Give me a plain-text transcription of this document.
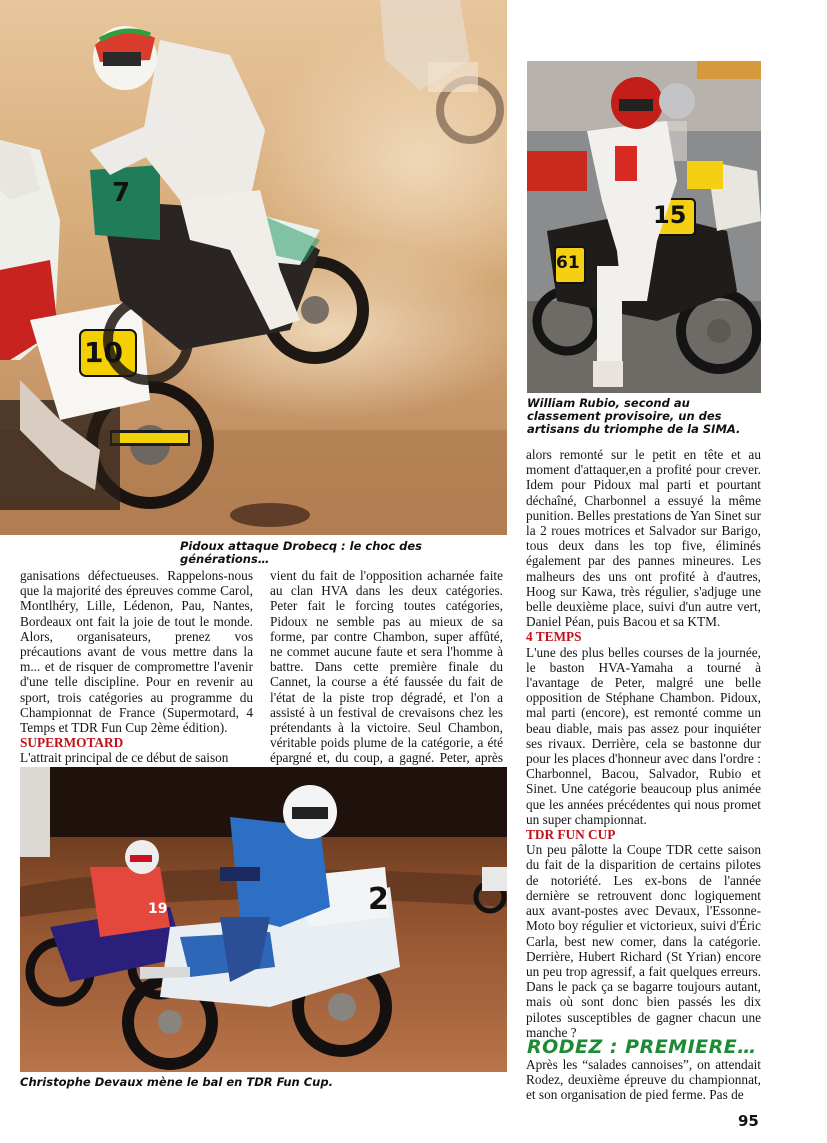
10
7
Pidoux attaque Drobecq : le choc des générations…
15
61
William Rubio, second au classement provisoire, un des artisans du triomphe de la SIMA.

ganisations défectueuses. Rappelons-nous que la majorité des épreuves comme Carol, Montlhéry, Lille, Lédenon, Pau, Nantes, Bordeaux ont fait la joie de tout le monde. Alors, organisateurs, prenez vos précautions avant de vous mettre dans la m... et de risquer de compromettre l'avenir d'une telle discipline. Pour en revenir au sport, trois catégories au programme du Championnat de France (Supermotard, 4 Temps et TDR Fun Cup 2ème édition).

SUPERMOTARD

L'attrait principal de ce début de saison

vient du fait de l'opposition acharnée faite au clan HVA dans les deux catégories. Peter fait le forcing toutes catégories, Pidoux ne semble pas au mieux de sa forme, par contre Chambon, super affûté, ne commet aucune faute et sera l'homme à battre. Dans cette première finale du Cannet, la course a été faussée du fait de l'état de la piste trop dégradé, et l'on a assisté à un festival de crevaisons chez les prétendants à la victoire. Seul Chambon, véritable poids plume de la catégorie, a été épargné et, du coup, a gagné. Peter, après

alors remonté sur le petit en tête et au moment d'attaquer,en a profité pour crever. Idem pour Pidoux mal parti et pourtant déchaîné, Charbonnel a essuyé la même punition. Belles prestations de Yan Sinet sur la 2 roues motrices et Salvador sur Barigo, tous deux dans les top five, éliminés également par des pannes mineures. Les malheurs des uns ont profité à d'autres, Hoog sur Kawa, très régulier, s'adjuge une belle deuxième place, suivi d'un autre vert, Daniel Péan, puis Bacou et sa KTM.

4 TEMPS

L'une des plus belles courses de la journée, le baston HVA-Yamaha a tourné à l'avantage de Peter, malgré une belle opposition de Stéphane Chambon. Pidoux, mal parti (encore), est remonté comme un beau diable, mais pas assez pour inquiéter ses rivaux. Derrière, cela se bastonne dur pour les places d'honneur avec dans l'ordre : Charbonnel, Bacou, Salvador, Rubio et Sinet. Une catégorie beaucoup plus animée que les années précédentes qui nous promet un super championnat.

TDR FUN CUP

Un peu pâlotte la Coupe TDR cette saison du fait de la disparition de certains pilotes de notoriété. Les ex-bons de l'année dernière se retrouvent donc logiquement aux avant-postes avec Devaux, l'Essonne-Moto boy régulier et victorieux, suivi d'Éric Carla, best new comer, dans la catégorie. Derrière, Hubert Richard (St Yrian) encore un peu trop agressif, a fait quelques erreurs. Dans le pack ça se bagarre toujours autant, mais où sont donc bien passés les dix pilotes susceptibles de gagner chacun une manche ?

2
19
Christophe Devaux mène le bal en TDR Fun Cup.
RODEZ : PREMIERE…
Après les “salades cannoises”, on attendait Rodez, deuxième épreuve du championnat, et son organisation de pied ferme. Pas de
95
